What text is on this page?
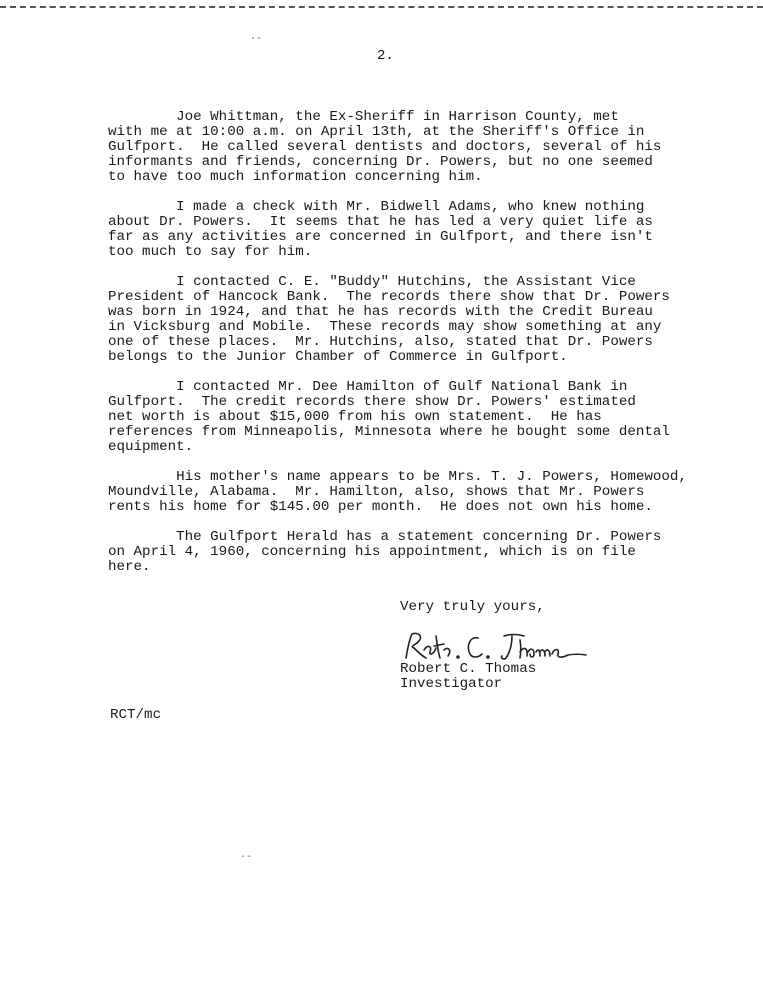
·‐
·‐
2.

Joe Whittman, the Ex-Sheriff in Harrison County, met
with me at 10:00 a.m. on April 13th, at the Sheriff's Office in
Gulfport.  He called several dentists and doctors, several of his
informants and friends, concerning Dr. Powers, but no one seemed
to have too much information concerning him.

I made a check with Mr. Bidwell Adams, who knew nothing
about Dr. Powers.  It seems that he has led a very quiet life as
far as any activities are concerned in Gulfport, and there isn't
too much to say for him.

I contacted C. E. "Buddy" Hutchins, the Assistant Vice
President of Hancock Bank.  The records there show that Dr. Powers
was born in 1924, and that he has records with the Credit Bureau
in Vicksburg and Mobile.  These records may show something at any
one of these places.  Mr. Hutchins, also, stated that Dr. Powers
belongs to the Junior Chamber of Commerce in Gulfport.

I contacted Mr. Dee Hamilton of Gulf National Bank in
Gulfport.  The credit records there show Dr. Powers' estimated
net worth is about $15,000 from his own statement.  He has
references from Minneapolis, Minnesota where he bought some dental
equipment.

His mother's name appears to be Mrs. T. J. Powers, Homewood,
Moundville, Alabama.  Mr. Hamilton, also, shows that Mr. Powers
rents his home for $145.00 per month.  He does not own his home.

The Gulfport Herald has a statement concerning Dr. Powers
on April 4, 1960, concerning his appointment, which is on file
here.

Very truly yours,
Robert C. Thomas
Investigator
RCT/mc
